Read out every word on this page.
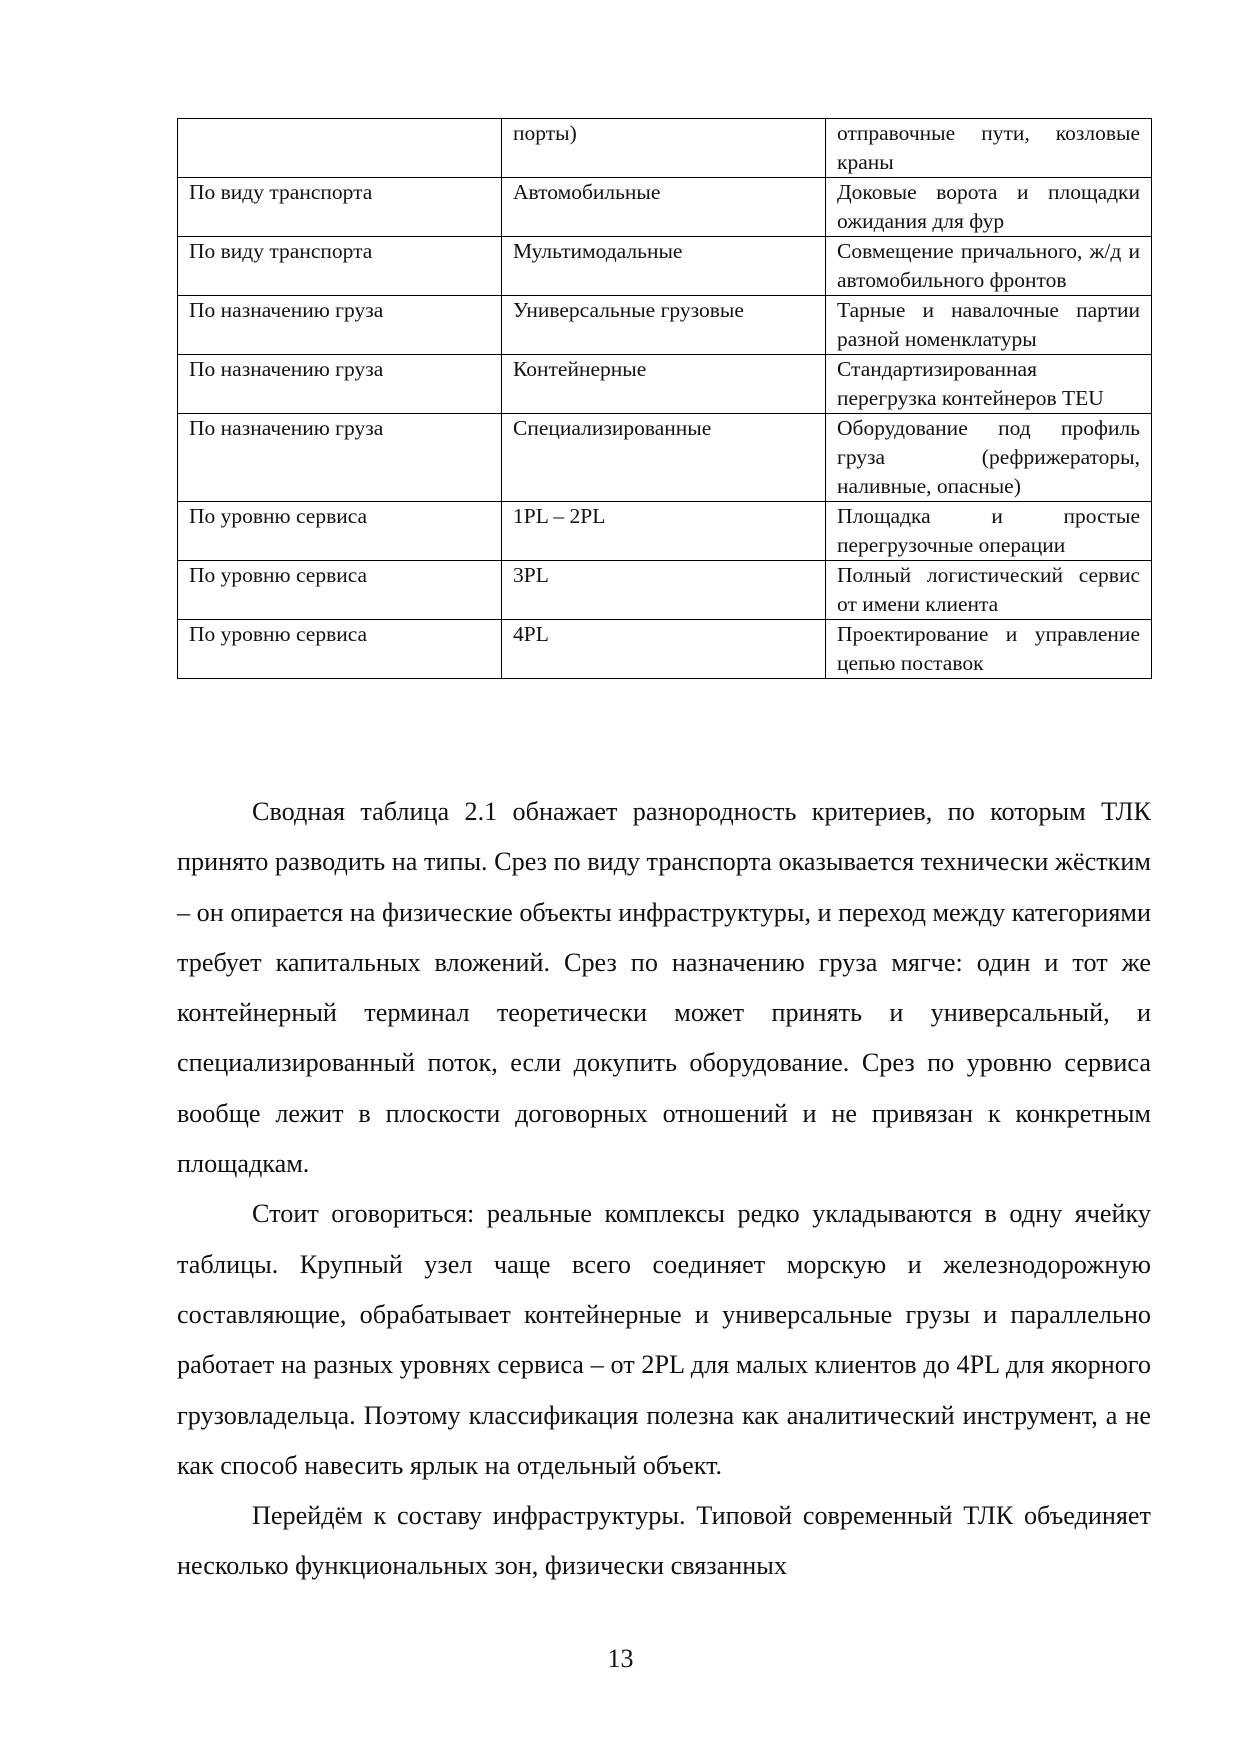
	порты)	отправочные пути, козловые краны
По виду транспорта	Автомобильные	Доковые ворота и площадки ожидания для фур
По виду транспорта	Мультимодальные	Совмещение причального, ж/д и автомобильного фронтов
По назначению груза	Универсальные грузовые	Тарные и навалочные партии разной номенклатуры
По назначению груза	Контейнерные	Стандартизированная перегрузка контейнеров TEU
По назначению груза	Специализированные	Оборудование под профиль груза (рефрижераторы, наливные, опасные)
По уровню сервиса	1PL – 2PL	Площадка и простые перегрузочные операции
По уровню сервиса	3PL	Полный логистический сервис от имени клиента
По уровню сервиса	4PL	Проектирование и управление цепью поставок

Сводная таблица 2.1 обнажает разнородность критериев, по которым ТЛК принято разводить на типы. Срез по виду транспорта оказывается технически жёстким – он опирается на физические объекты инфраструктуры, и переход между категориями требует капитальных вложений. Срез по назначению груза мягче: один и тот же контейнерный терминал теоретически может принять и универсальный, и специализированный поток, если докупить оборудование. Срез по уровню сервиса вообще лежит в плоскости договорных отношений и не привязан к конкретным площадкам.

Стоит оговориться: реальные комплексы редко укладываются в одну ячейку таблицы. Крупный узел чаще всего соединяет морскую и железнодорожную составляющие, обрабатывает контейнерные и универсальные грузы и параллельно работает на разных уровнях сервиса – от 2PL для малых клиентов до 4PL для якорного грузовладельца. Поэтому классификация полезна как аналитический инструмент, а не как способ навесить ярлык на отдельный объект.

Перейдём к составу инфраструктуры. Типовой современный ТЛК объединяет несколько функциональных зон, физически связанных

13
